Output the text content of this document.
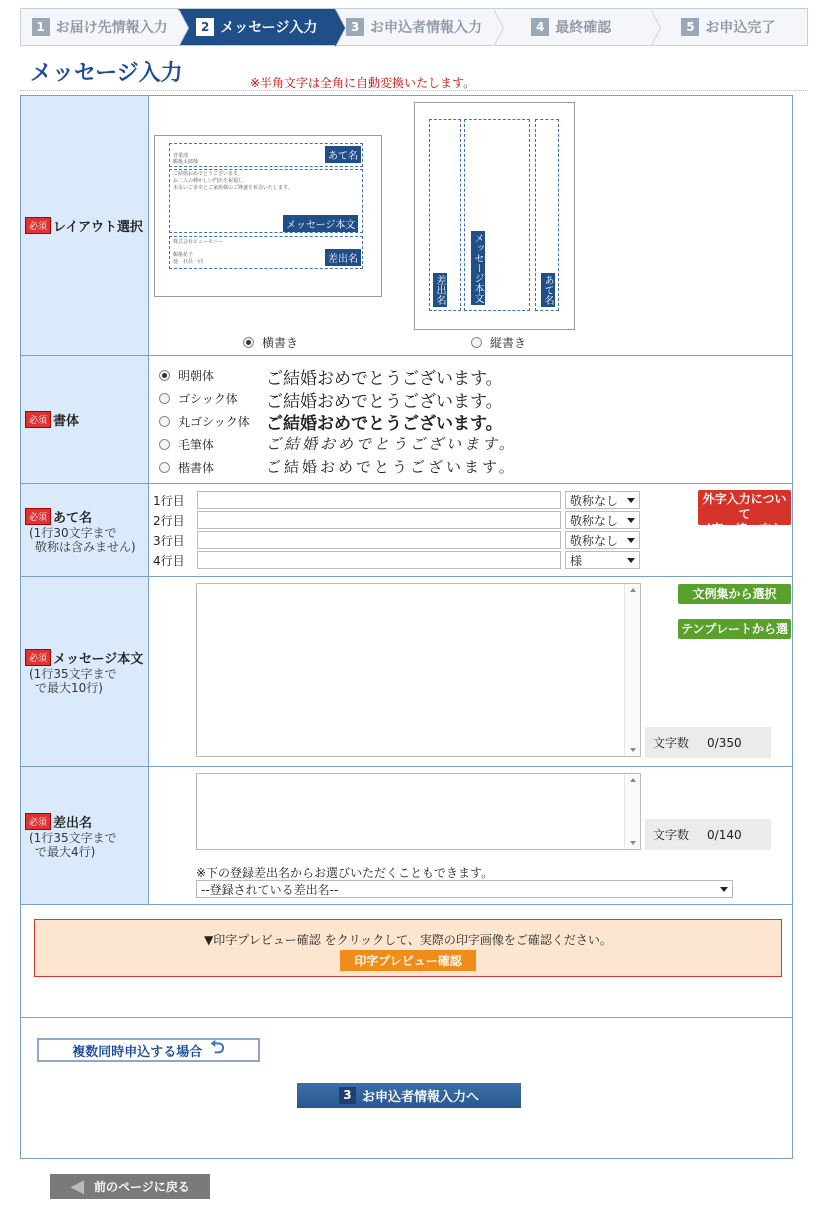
1 お届け先情報入力	2 メッセージ入力	3 お申込者情報入力	4 最終確認	5 お申込完了
メッセージ入力	※半角文字は全角に自動変換いたします。
必須 レイアウト選択
営業部
鶴亀太郎様	あて名
ご結婚おめでとうございます。
お二人の輝かしい門出を祝福し、
末永いご多幸とご家族様のご隆盛を祈念いたします。
メッセージ本文
株式会社ビューモニー
鶴亀花子
他　社員一同	差出名
あて名
メッセージ本文
差出名
横書き	縦書き
必須 書体
明朝体	ご結婚おめでとうございます。
ゴシック体	ご結婚おめでとうございます。
丸ゴシック体 ご結婚おめでとうございます。
毛筆体	ご結婚おめでとうございます。
楷書体	ご結婚おめでとうございます。
必須 あて名
(1行30文字まで
敬称は含みません)
1行目	敬称なし
2行目	敬称なし
3行目	敬称なし
4行目	様
外字入力について
(髙・﨑・吉など)
必須 メッセージ本文
(1行35文字まで
で最大10行)
文例集から選択
テンプレートから選択
文字数 0/350
必須 差出名
(1行35文字まで
で最大4行)
文字数 0/140
※下の登録差出名からお選びいただくこともできます。
--登録されている差出名--
▼印字プレビュー確認 をクリックして、実際の印字画像をご確認ください。
印字プレビュー確認
複数同時申込する場合 ⮌
3 お申込者情報入力へ
◀ 前のページに戻る
